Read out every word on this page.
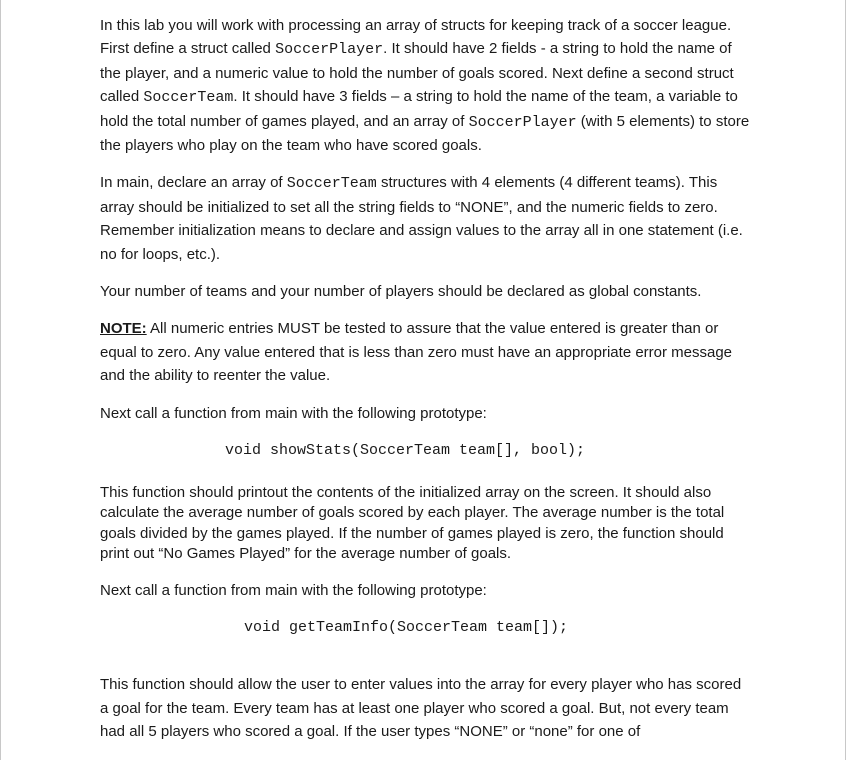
In this lab you will work with processing an array of structs for keeping track of a soccer league. First define a struct called SoccerPlayer. It should have 2 fields - a string to hold the name of the player, and a numeric value to hold the number of goals scored. Next define a second struct called SoccerTeam. It should have 3 fields – a string to hold the name of the team, a variable to hold the total number of games played, and an array of SoccerPlayer (with 5 elements) to store the players who play on the team who have scored goals.

In main, declare an array of SoccerTeam structures with 4 elements (4 different teams). This array should be initialized to set all the string fields to “NONE”, and the numeric fields to zero. Remember initialization means to declare and assign values to the array all in one statement (i.e. no for loops, etc.).

Your number of teams and your number of players should be declared as global constants.

NOTE: All numeric entries MUST be tested to assure that the value entered is greater than or equal to zero. Any value entered that is less than zero must have an appropriate error message and the ability to reenter the value.

Next call a function from main with the following prototype:

void showStats(SoccerTeam team[], bool);

This function should printout the contents of the initialized array on the screen. It should also calculate the average number of goals scored by each player. The average number is the total goals divided by the games played. If the number of games played is zero, the function should print out “No Games Played” for the average number of goals.

Next call a function from main with the following prototype:

void getTeamInfo(SoccerTeam team[]);

This function should allow the user to enter values into the array for every player who has scored a goal for the team. Every team has at least one player who scored a goal. But, not every team had all 5 players who scored a goal. If the user types “NONE” or “none” for one of
